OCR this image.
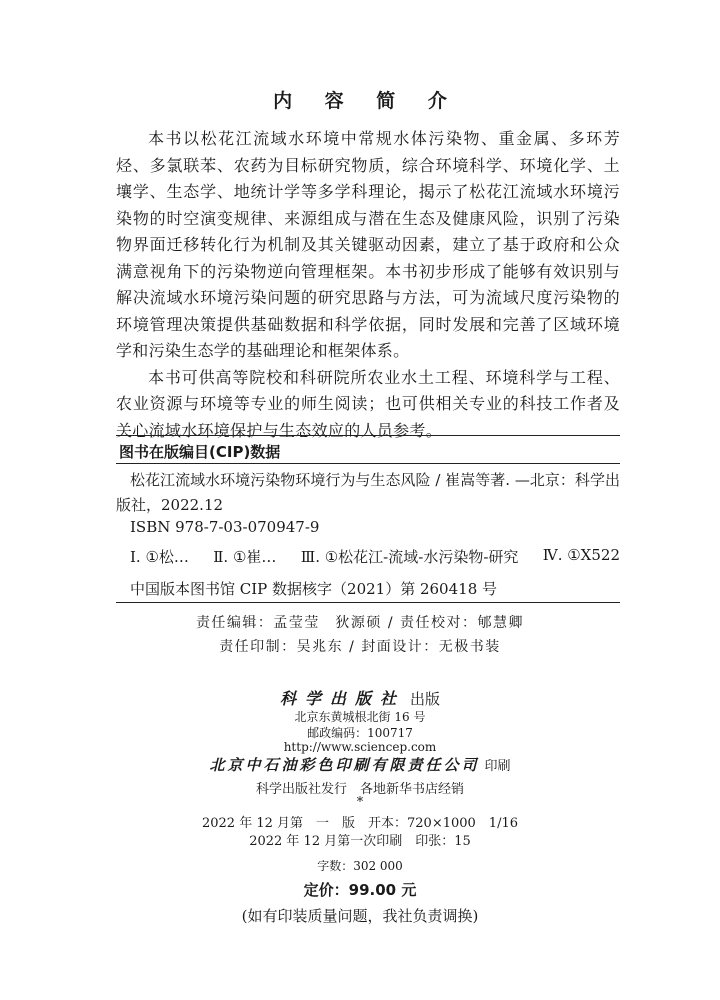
内 容 简 介

本书以松花江流域水环境中常规水体污染物、重金属、多环芳烃、多氯联苯、农药为目标研究物质，综合环境科学、环境化学、土壤学、生态学、地统计学等多学科理论，揭示了松花江流域水环境污染物的时空演变规律、来源组成与潜在生态及健康风险，识别了污染物界面迁移转化行为机制及其关键驱动因素，建立了基于政府和公众满意视角下的污染物逆向管理框架。本书初步形成了能够有效识别与解决流域水环境污染问题的研究思路与方法，可为流域尺度污染物的环境管理决策提供基础数据和科学依据，同时发展和完善了区域环境学和污染生态学的基础理论和框架体系。

本书可供高等院校和科研院所农业水土工程、环境科学与工程、农业资源与环境等专业的师生阅读；也可供相关专业的科技工作者及关心流域水环境保护与生态效应的人员参考。

图书在版编目(CIP)数据

松花江流域水环境污染物环境行为与生态风险 / 崔嵩等著. —北京：科学出版社，2022.12

ISBN 978-7-03-070947-9
Ⅰ. ①松… Ⅱ. ①崔… Ⅲ. ①松花江-流域-水污染物-研究 Ⅳ. ①X522
中国版本图书馆 CIP 数据核字（2021）第 260418 号
责任编辑：孟莹莹　狄源硕 / 责任校对：郇慧卿
责任印制：吴兆东 / 封面设计：无极书装
科学出版社 出版
北京东黄城根北街 16 号
邮政编码：100717
http://www.sciencep.com
北京中石油彩色印刷有限责任公司 印刷
科学出版社发行　各地新华书店经销
*
2022 年 12 月第　一　版　开本：720×1000　1/16
2022 年 12 月第一次印刷　印张：15
字数：302 000
定价：99.00 元
(如有印装质量问题，我社负责调换)
